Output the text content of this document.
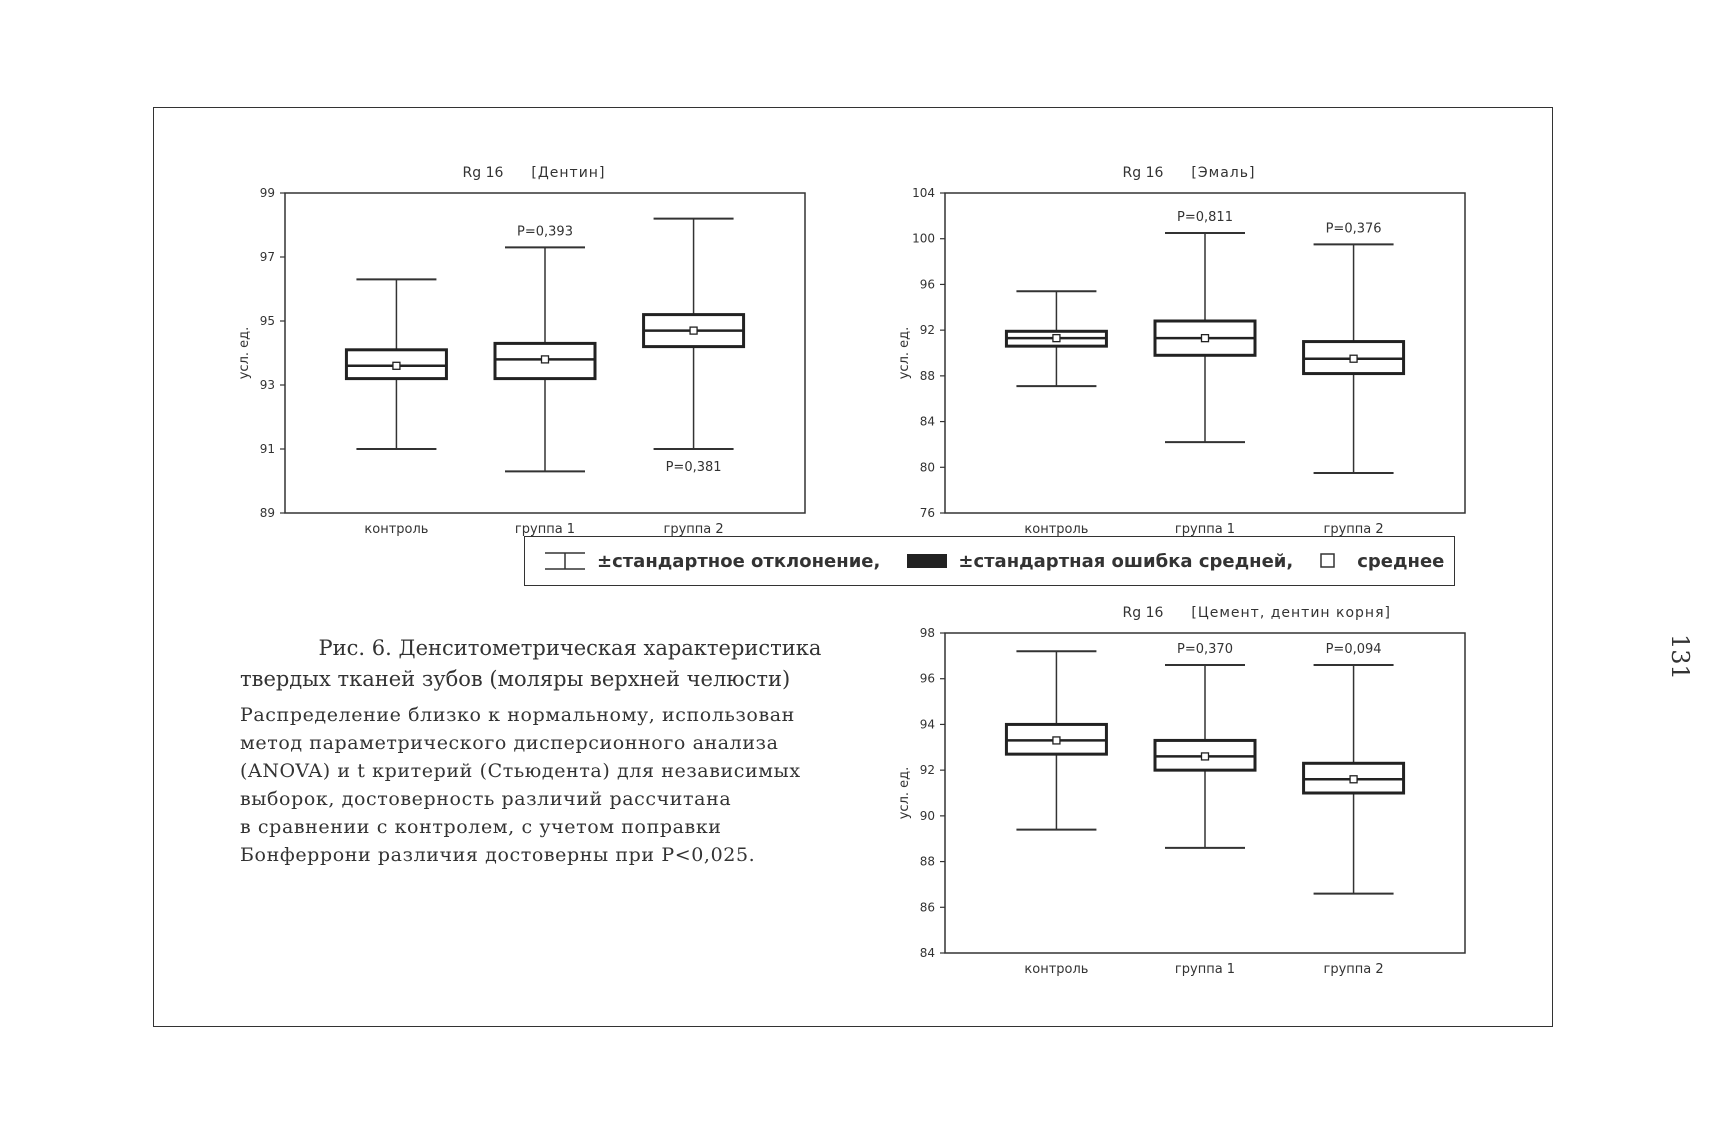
Rg 16 [Дентин]
89
91
93
95
97
99
усл. ед.
контроль	группа 1	группа 2
P=0,393
P=0,381
Rg 16 [Эмаль]
76
80
84
88
92
96
100
104
усл. ед.
контроль	группа 1	группа 2
P=0,811
P=0,376
Rg 16 [Цемент, дентин корня]
84
86
88
90
92
94
96
98
усл. ед.
контроль	группа 1	группа 2
P=0,370	P=0,094
±стандартное отклонение,	±стандартная ошибка средней,	среднее
Рис. 6. Денситометрическая характеристика
твердых тканей зубов (моляры верхней челюсти)
Распределение близко к нормальному, использован
метод параметрического дисперсионного анализа
(ANOVA) и t критерий (Стьюдента) для независимых
выборок, достоверность различий рассчитана
в сравнении с контролем, с учетом поправки
Бонферрони различия достоверны при P<0,025.
131
